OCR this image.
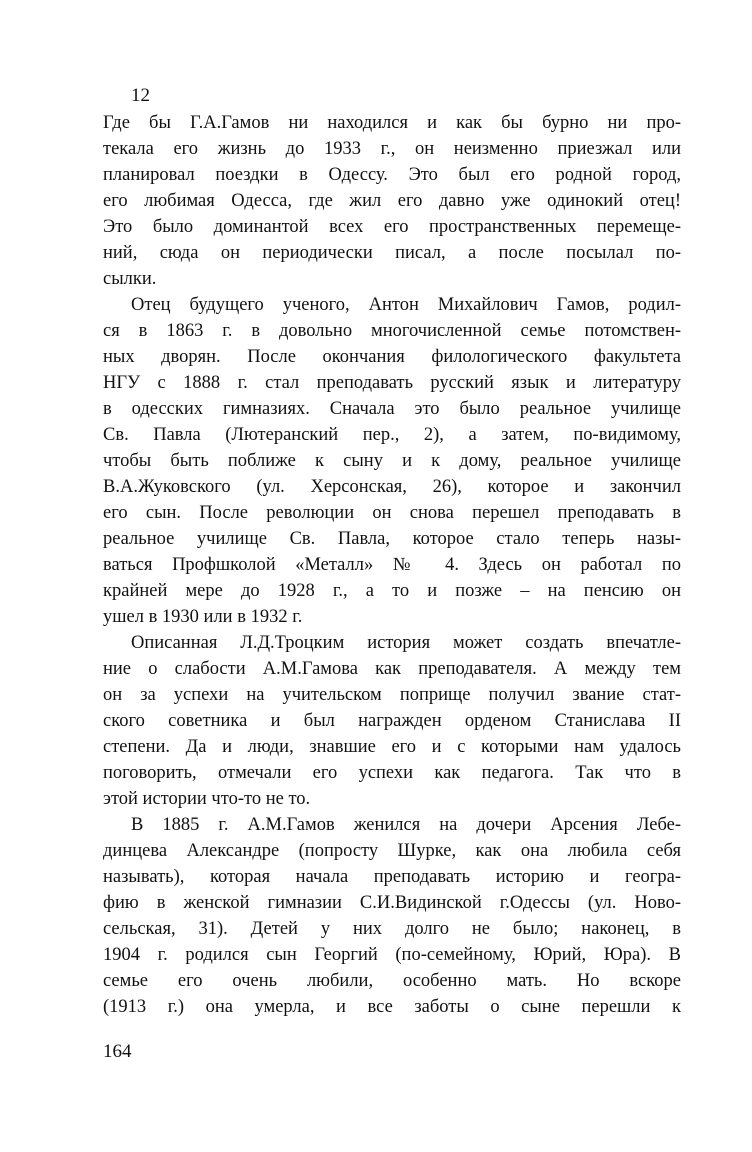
12
Где бы Г.А.Гамов ни находился и как бы бурно ни про-
текала его жизнь до 1933 г., он неизменно приезжал или
планировал поездки в Одессу. Это был его родной город,
его любимая Одесса, где жил его давно уже одинокий отец!
Это было доминантой всех его пространственных перемеще-
ний, сюда он периодически писал, а после посылал по-
сылки.
Отец будущего ученого, Антон Михайлович Гамов, родил-
ся в 1863 г. в довольно многочисленной семье потомствен-
ных дворян. После окончания филологического факультета
НГУ с 1888 г. стал преподавать русский язык и литературу
в одесских гимназиях. Сначала это было реальное училище
Св. Павла (Лютеранский пер., 2), а затем, по-видимому,
чтобы быть поближе к сыну и к дому, реальное училище
В.А.Жуковского (ул. Херсонская, 26), которое и закончил
его сын. После революции он снова перешел преподавать в
реальное училище Св. Павла, которое стало теперь назы-
ваться Профшколой «Металл» № 4. Здесь он работал по
крайней мере до 1928 г., а то и позже – на пенсию он
ушел в 1930 или в 1932 г.
Описанная Л.Д.Троцким история может создать впечатле-
ние о слабости А.М.Гамова как преподавателя. А между тем
он за успехи на учительском поприще получил звание стат-
ского советника и был награжден орденом Станислава II
степени. Да и люди, знавшие его и с которыми нам удалось
поговорить, отмечали его успехи как педагога. Так что в
этой истории что-то не то.
В 1885 г. А.М.Гамов женился на дочери Арсения Лебе-
динцева Александре (попросту Шурке, как она любила себя
называть), которая начала преподавать историю и геогра-
фию в женской гимназии С.И.Видинской г.Одессы (ул. Ново-
сельская, 31). Детей у них долго не было; наконец, в
1904 г. родился сын Георгий (по-семейному, Юрий, Юра). В
семье его очень любили, особенно мать. Но вскоре
(1913 г.) она умерла, и все заботы о сыне перешли к
164
